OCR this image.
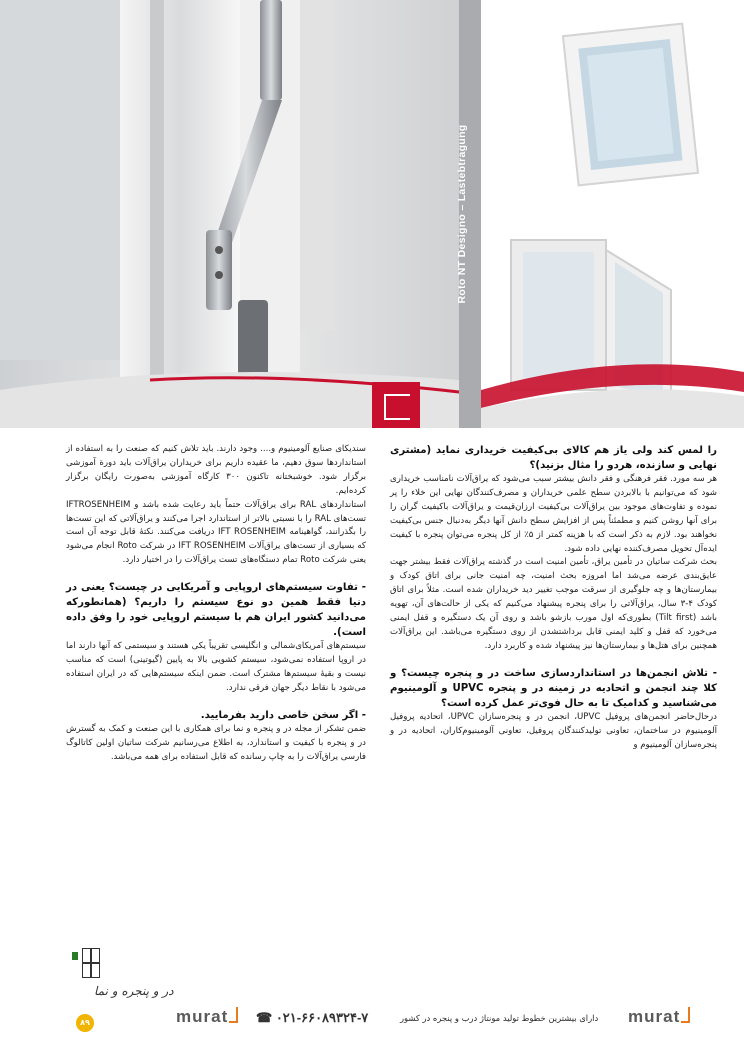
Roto NT Designo – Lastebtragung

را لمس کند ولی یاز هم کالای بی‌کیفیت خریداری نماید (مشتری نهایی و سازنده، هردو را مثال بزنید)؟

هر سه مورد. فقر فرهنگی و فقر دانش بیشتر سبب می‌شود که یراق‌آلات نامناسب خریداری شود که می‌توانیم با بالابردن سطح علمی خریداران و مصرف‌کنندگان نهایی این خلاء را پر نموده و تفاوت‌های موجود بین یراق‌آلات بی‌کیفیت ارزان‌قیمت و یراق‌آلات باکیفیت گران را برای آنها روشن کنیم و مطمئناً پس از افزایش سطح دانش آنها دیگر به‌دنبال جنس بی‌کیفیت نخواهند بود. لازم به ذکر است که با هزینه کمتر از ۵٪ از کل پنجره می‌توان پنجره با کیفیت ایده‌آل تحویل مصرف‌کننده نهایی داده شود.

بحث شرکت ساتیان در تأمین یراق، تأمین امنیت است در گذشته یراق‌آلات فقط بیشتر جهت عایق‌بندی عرضه می‌شد اما امروزه بحث امنیت، چه امنیت جانی برای اتاق کودک و بیمارستان‌ها و چه جلوگیری از سرقت موجب تغییر دید خریداران شده است. مثلاً برای اتاق کودک ۴-۳ سال، یراق‌آلاتی را برای پنجره پیشنهاد می‌کنیم که یکی از حالت‌های آن، تهویه باشد (Tilt first) بطوری‌که اول مورب بازشو باشد و روی آن یک دستگیره و قفل ایمنی می‌خورد که قفل و کلید ایمنی قابل برداشتشدن از روی دستگیره می‌باشد. این یراق‌آلات همچنین برای هتل‌ها و بیمارستان‌ها نیز پیشنهاد شده و کاربرد دارد.

- تلاش انجمن‌ها در استانداردسازی ساخت در و پنجره چیست؟ و کلا چند انجمن و اتحادیه در زمینه در و پنجره UPVC و آلومینیوم می‌شناسید و کدامیک تا به حال فوی‌تر عمل کرده است؟

درحال‌حاضر انجمن‌های پروفیل UPVC، انجمن در و پنجره‌سازان UPVC، اتحادیه پروفیل آلومینیوم در ساختمان، تعاونی تولیدکنندگان پروفیل، تعاونی آلومینیوم‌کاران، اتحادیه در و پنجره‌سازان آلومینیوم و

سندیکای صنایع آلومینیوم و.... وجود دارند. باید تلاش کنیم که صنعت را به استفاده از استانداردها سوق دهیم، ما عقیده داریم برای خریداران یراق‌آلات باید دورة آموزشی برگزار شود. خوشبختانه تاکنون ۳۰۰ کارگاه آموزشی به‌صورت رایگان برگزار کرده‌ایم.

استانداردهای RAL برای یراق‌آلات حتماً باید رعایت شده باشد و IFTROSENHEIM تست‌های RAL را با نسبتی بالاتر از استاندارد اجرا می‌کنند و یراق‌آلاتی که این تست‌ها را بگذرانند، گواهینامه IFT ROSENHEIM دریافت می‌کنند. نکتهٔ قابل توجه آن است که بسیاری از تست‌های یراق‌آلات IFT ROSENHEIM در شرکت Roto انجام می‌شود یعنی شرکت Roto تمام دستگاه‌های تست یراق‌آلات را در اختیار دارد.

- تفاوت سیستم‌های اروپایی و آمریکایی در چیست؟ یعنی در دنیا فقط همین دو نوع سیستم را داریم؟ (همانطورکه می‌دانید کشور ایران هم با سیستم اروپایی خود را وفق داده است).

سیستم‌های آمریکای‌شمالی و انگلیسی تقریباً یکی هستند و سیستمی که آنها دارند اما در اروپا استفاده نمی‌شود، سیستم کشویی بالا به پایین (گیوتینی) است که مناسب نیست و بقیهٔ سیستم‌ها مشترک است. ضمن اینکه سیستم‌هایی که در ایران استفاده می‌شود با نقاط دیگر جهان فرقی ندارد.

- اگر سخن خاصی دارید بفرمایید.

ضمن تشکر از مجله در و پنجره و نما برای همکاری با این صنعت و کمک به گسترش در و پنجره با کیفیت و استاندارد، به اطلاع می‌رسانیم شرکت ساتیان اولین کاتالوگ فارسی یراق‌آلات را به چاپ رسانده که قابل استفاده برای همه می‌باشد.

در و پنجره و نما
۸۹	murat	☎ ۰۲۱-۶۶۰۸۹۳۲۴-۷	دارای بیشترین خطوط تولید مونتاژ درب و پنجره در کشور murat
